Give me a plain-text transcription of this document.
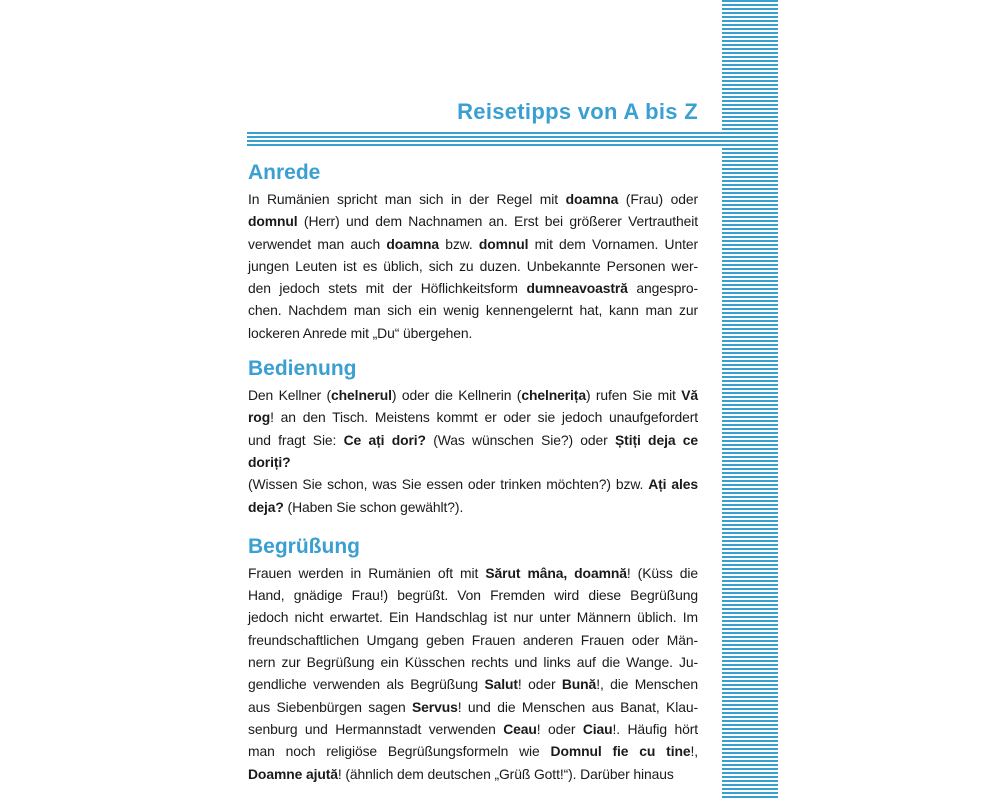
Reisetipps von A bis Z
Anrede

In Rumänien spricht man sich in der Regel mit doamna (Frau) oder
domnul (Herr) und dem Nachnamen an. Erst bei größerer Vertrautheit
verwendet man auch doamna bzw. domnul mit dem Vornamen. Unter
jungen Leuten ist es üblich, sich zu duzen. Unbekannte Personen wer-
den jedoch stets mit der Höflichkeitsform dumneavoastră angespro-
chen. Nachdem man sich ein wenig kennengelernt hat, kann man zur
lockeren Anrede mit „Du“ übergehen.

Bedienung

Den Kellner (chelnerul) oder die Kellnerin (chelnerița) rufen Sie mit Vă
rog! an den Tisch. Meistens kommt er oder sie jedoch unaufgefordert
und fragt Sie: Ce ați dori? (Was wünschen Sie?) oder Știți deja ce doriți?
(Wissen Sie schon, was Sie essen oder trinken möchten?) bzw. Ați ales
deja? (Haben Sie schon gewählt?).

Begrüßung

Frauen werden in Rumänien oft mit Sărut mâna, doamnă! (Küss die
Hand, gnädige Frau!) begrüßt. Von Fremden wird diese Begrüßung
jedoch nicht erwartet. Ein Handschlag ist nur unter Männern üblich. Im
freundschaftlichen Umgang geben Frauen anderen Frauen oder Män-
nern zur Begrüßung ein Küsschen rechts und links auf die Wange. Ju-
gendliche verwenden als Begrüßung Salut! oder Bună!, die Menschen
aus Siebenbürgen sagen Servus! und die Menschen aus Banat, Klau-
senburg und Hermannstadt verwenden Ceau! oder Ciau!. Häufig hört
man noch religiöse Begrüßungsformeln wie Domnul fie cu tine!,
Doamne ajută! (ähnlich dem deutschen „Grüß Gott!“). Darüber hinaus
